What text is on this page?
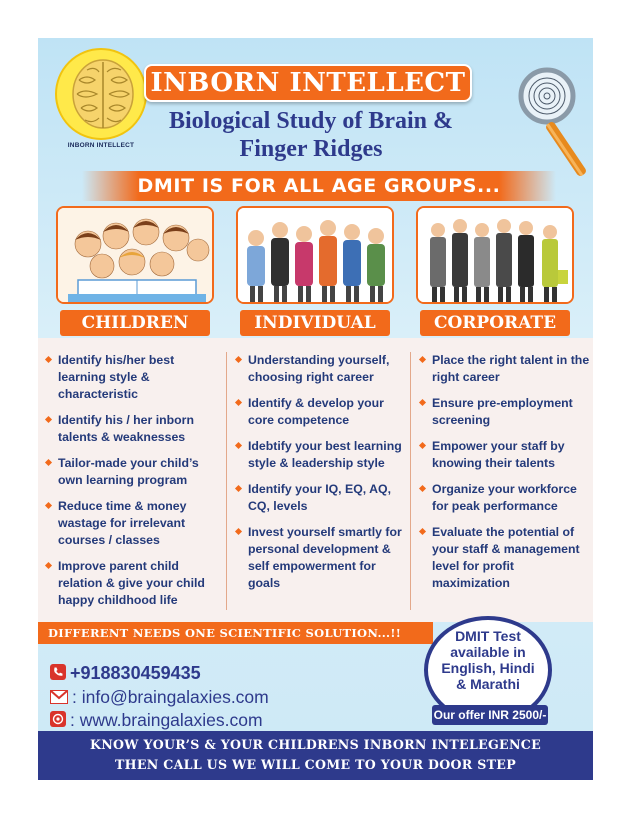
INBORN INTELLECT
INBORN INTELLECT
Biological Study of Brain &
Finger Ridges
DMIT IS FOR ALL AGE GROUPS...
CHILDREN	INDIVIDUAL	CORPORATE
Identify his/her best learning style & characteristic
Identify his / her inborn talents & weaknesses
Tailor-made your child’s own learning program
Reduce time & money wastage for irrelevant courses / classes
Improve parent child relation & give your child happy childhood life
Understanding yourself, choosing right career
Identify & develop your core competence
Idebtify your best learning style & leadership style
Identify your IQ, EQ, AQ, CQ, levels
Invest yourself smartly for personal development & self empowerment for goals
Place the right talent in the right career
Ensure pre-employment screening
Empower your staff by knowing their talents
Organize your workforce for peak performance
Evaluate the potential of your staff & management level for profit maximization
DIFFERENT NEEDS ONE SCIENTIFIC SOLUTION...!!	DMIT Test
available in
English, Hindi
& Marathi
Our offer INR 2500/-
+918830459435
: info@braingalaxies.com
: www.braingalaxies.com
KNOW YOUR’S & YOUR CHILDRENS INBORN INTELEGENCE
THEN CALL US WE WILL COME TO YOUR DOOR STEP
